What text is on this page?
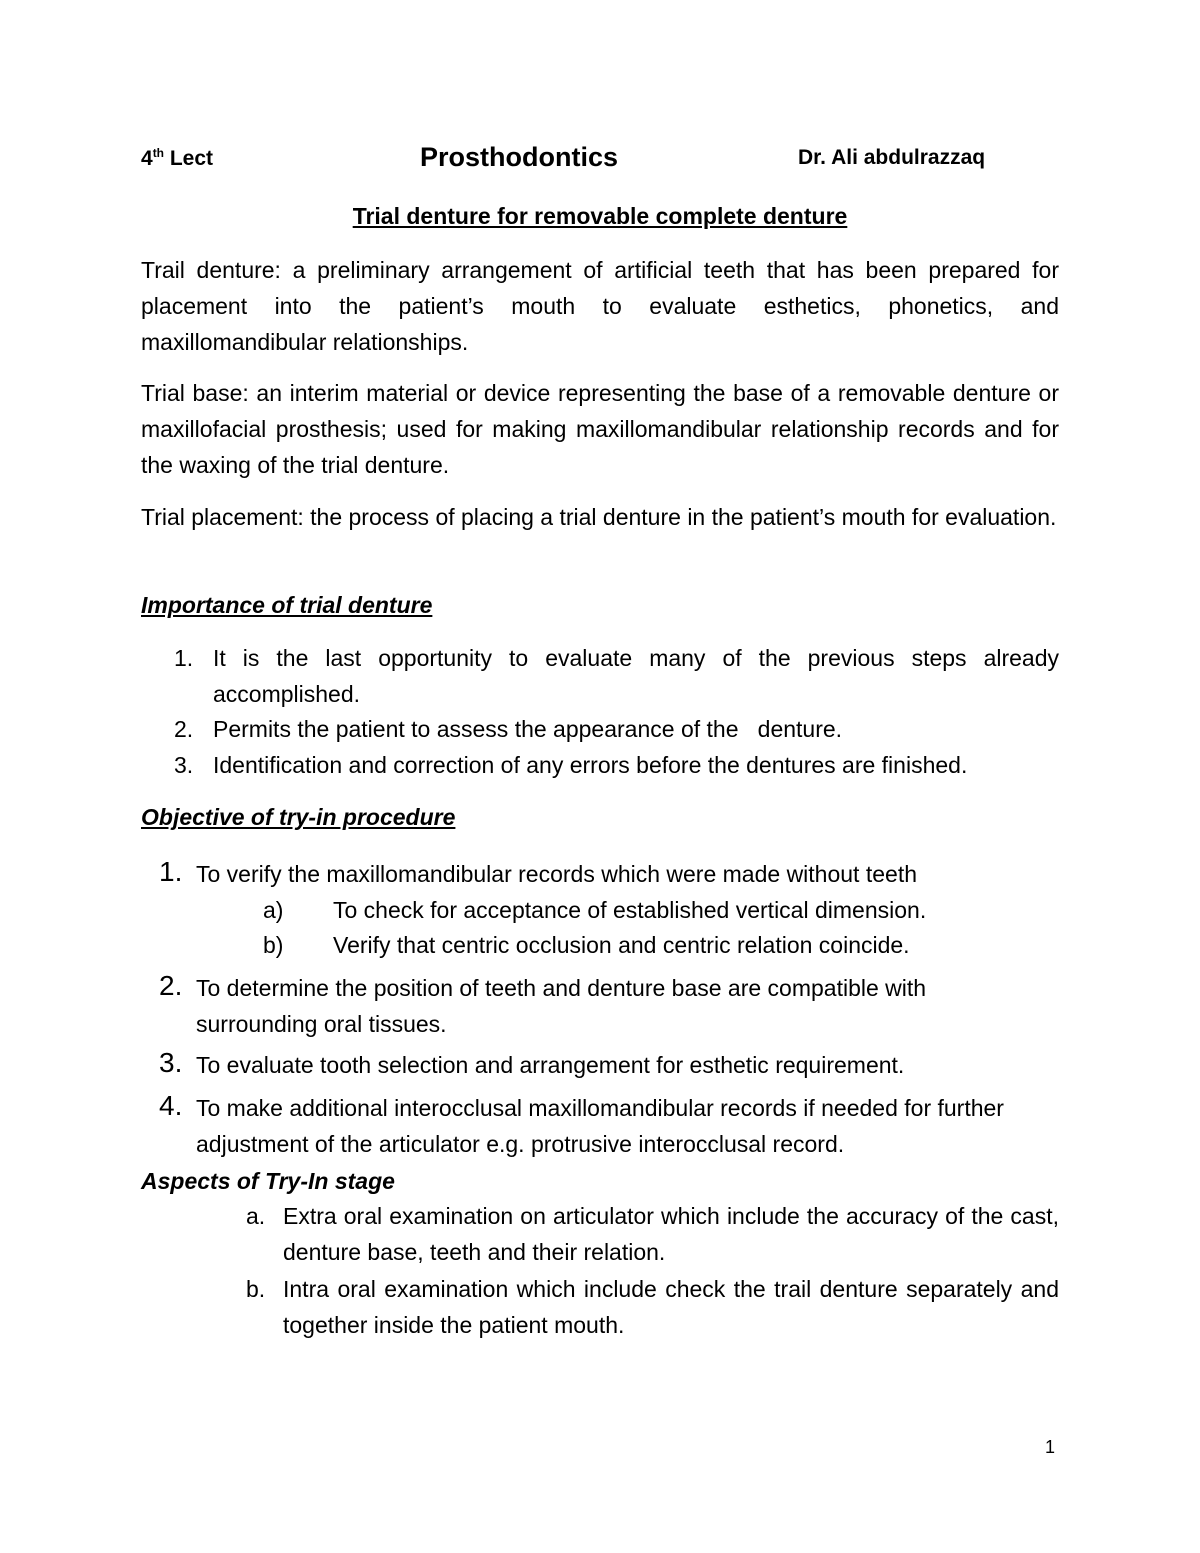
4th Lect	Prosthodontics	Dr. Ali abdulrazzaq
Trial denture for removable complete denture

Trail denture: a preliminary arrangement of artificial teeth that has been prepared for placement into the patient’s mouth to evaluate esthetics, phonetics, and maxillomandibular relationships.

Trial base: an interim material or device representing the base of a removable denture or maxillofacial prosthesis; used for making maxillomandibular relationship records and for the waxing of the trial denture.

Trial placement: the process of placing a trial denture in the patient’s mouth for evaluation.

Importance of trial denture
1. It is the last opportunity to evaluate many of the previous steps already accomplished.
2. Permits the patient to assess the appearance of the   denture.
3. Identification and correction of any errors before the dentures are finished.
Objective of try-in procedure
1. To verify the maxillomandibular records which were made without teeth
a) To check for acceptance of established vertical dimension.
b) Verify that centric occlusion and centric relation coincide.
2. To determine the position of teeth and denture base are compatible with surrounding oral tissues.
3. To evaluate tooth selection and arrangement for esthetic requirement.
4. To make additional interocclusal maxillomandibular records if needed for further adjustment of the articulator e.g. protrusive interocclusal record.
Aspects of Try-In stage
a. Extra oral examination on articulator which include the accuracy of the cast, denture base, teeth and their relation.
b. Intra oral examination which include check the trail denture separately and together inside the patient mouth.
1
